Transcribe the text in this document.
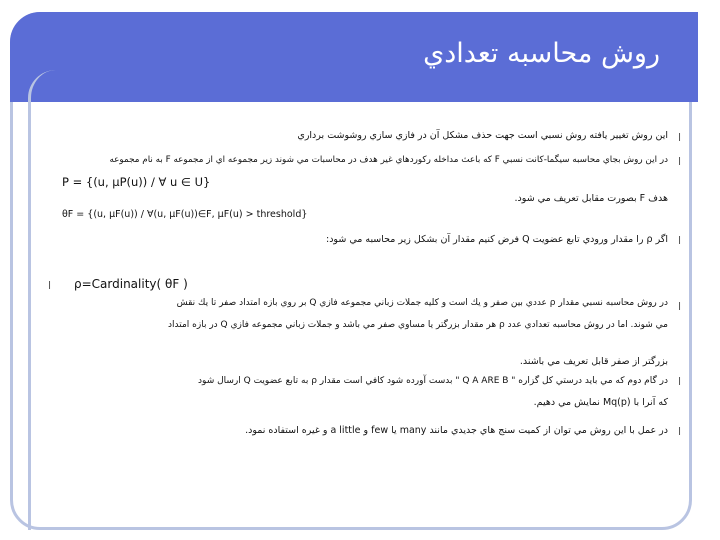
روش محاسبه تعدادي
l
l
l
l
l
l
l
اين روش تغيير يافته روش نسبي است جهت حذف مشكل آن در فازي سازي روشوشت برداري
در اين روش بجاي محاسبه سيگما-كانت نسبي F كه باعث مداخله ركوردهاي غير هدف در محاسبات مي شوند زير مجموعه اي از مجموعه F به نام مجموعه
P = {(u, μP(u)) / ∀ u ∈ U}
هدف F بصورت مقابل تعريف مي شود.
θF = {(u, μF(u)) / ∀(u, μF(u))∈F, μF(u) > threshold}
اگر ρ را مقدار ورودي تابع عضويت Q فرض كنيم مقدار آن بشكل زير محاسبه مي شود:
ρ=Cardinality( θF )
در روش محاسبه نسبي مقدار ρ عددي بين صفر و يك است و كليه جملات زباني مجموعه فازي Q بر روي بازه امتداد صفر تا يك نقش
مي شوند. اما در روش محاسبه تعدادي عدد ρ هر مقدار بزرگتر يا مساوي صفر مي باشد و جملات زباني مجموعه فازي Q در بازه امتداد
بزرگتر از صفر قابل تعريف مي باشند.
در گام دوم كه مي بايد درستي كل گزاره " Q A ARE B " بدست آورده شود كافي است مقدار ρ به تابع عضويت Q ارسال شود
كه آنرا با Mq(p) نمايش مي دهيم.
در عمل با اين روش مي توان از كميت سنج هاي جديدي مانند many يا few و a little و غيره استفاده نمود.
